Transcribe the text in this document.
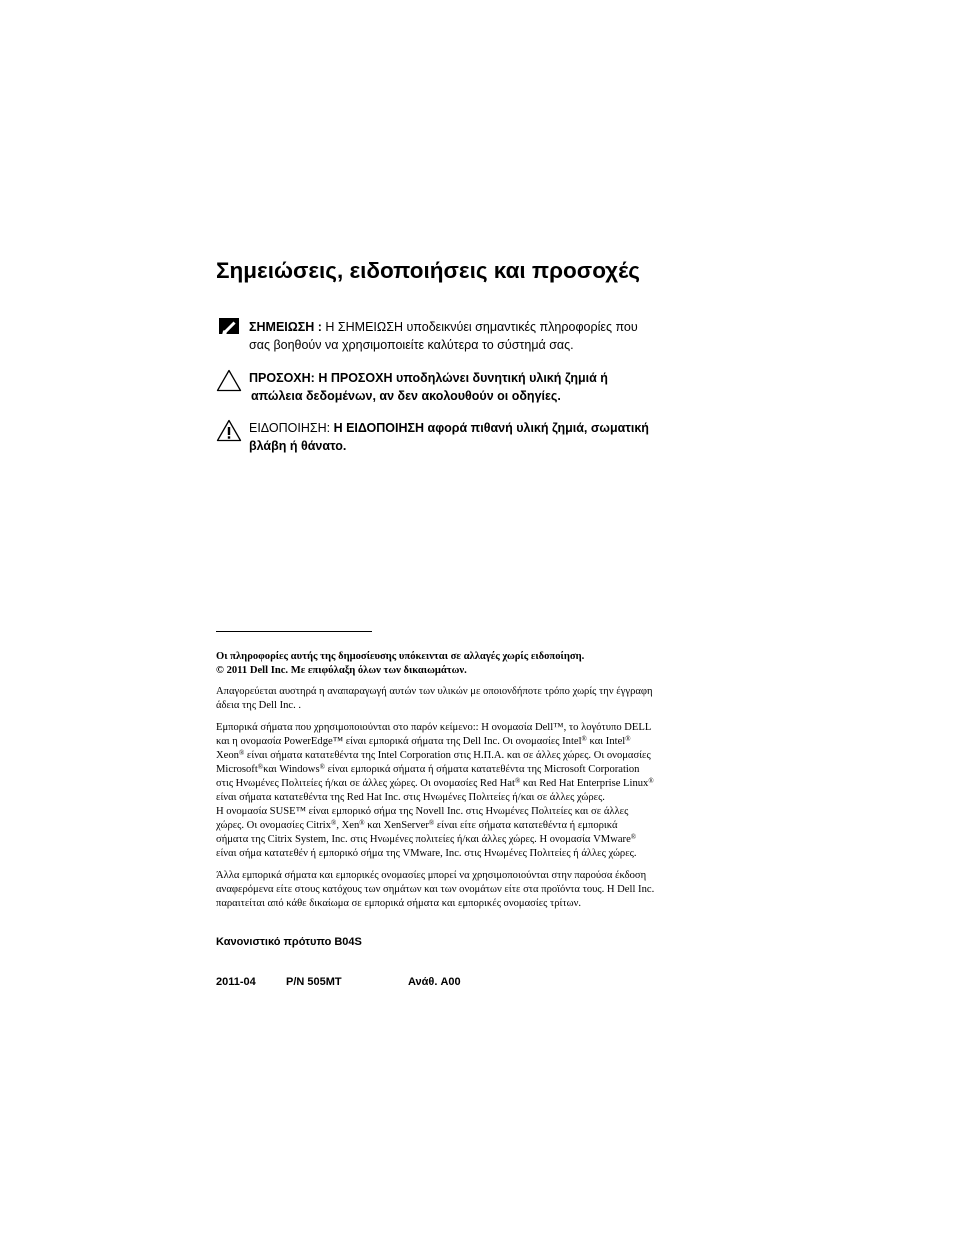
Σημειώσεις, ειδοποιήσεις και προσοχές
ΣΗΜΕΙΩΣΗ : Η ΣΗΜΕΙΩΣΗ υποδεικνύει σημαντικές πληροφορίες που
σας βοηθούν να χρησιμοποιείτε καλύτερα το σύστημά σας.
ΠΡΟΣΟΧΗ: Η ΠΡΟΣΟΧΗ υποδηλώνει δυνητική υλική ζημιά ή
απώλεια δεδομένων, αν δεν ακολουθούν οι οδηγίες.
ΕΙΔΟΠΟΙΗΣΗ: Η ΕΙΔΟΠΟΙΗΣΗ αφορά πιθανή υλική ζημιά, σωματική
βλάβη ή θάνατο.
Οι πληροφορίες αυτής της δημοσίευσης υπόκεινται σε αλλαγές χωρίς ειδοποίηση.
© 2011 Dell Inc. Με επιφύλαξη όλων των δικαιωμάτων.
Απαγορεύεται αυστηρά η αναπαραγωγή αυτών των υλικών με οποιονδήποτε τρόπο χωρίς την έγγραφη
άδεια της Dell Inc. .
Εμπορικά σήματα που χρησιμοποιούνται στο παρόν κείμενο:: Η ονομασία Dell™, το λογότυπο DELL
και η ονομασία PowerEdge™ είναι εμπορικά σήματα της Dell Inc. Οι ονομασίες Intel® και Intel®
Xeon® είναι σήματα κατατεθέντα της Intel Corporation στις Η.Π.Α. και σε άλλες χώρες. Οι ονομασίες
Microsoft®και Windows® είναι εμπορικά σήματα ή σήματα κατατεθέντα της Microsoft Corporation
στις Ηνωμένες Πολιτείες ή/και σε άλλες χώρες. Οι ονομασίες Red Hat® και Red Hat Enterprise Linux®
είναι σήματα κατατεθέντα της Red Hat Inc. στις Ηνωμένες Πολιτείες ή/και σε άλλες χώρες.
Η ονομασία SUSE™ είναι εμπορικό σήμα της Novell Inc. στις Ηνωμένες Πολιτείες και σε άλλες
χώρες. Οι ονομασίες Citrix®, Xen® και XenServer® είναι είτε σήματα κατατεθέντα ή εμπορικά
σήματα της Citrix System, Inc. στις Ηνωμένες πολιτείες ή/και άλλες χώρες. Η ονομασία VMware®
είναι σήμα κατατεθέν ή εμπορικό σήμα της VMware, Inc. στις Ηνωμένες Πολιτείες ή άλλες χώρες.
Άλλα εμπορικά σήματα και εμπορικές ονομασίες μπορεί να χρησιμοποιούνται στην παρούσα έκδοση
αναφερόμενα είτε στους κατόχους των σημάτων και των ονομάτων είτε στα προϊόντα τους. Η Dell Inc.
παραιτείται από κάθε δικαίωμα σε εμπορικά σήματα και εμπορικές ονομασίες τρίτων.
Κανονιστικό πρότυπο B04S
2011-04	P/N 505MT	Ανάθ. A00
